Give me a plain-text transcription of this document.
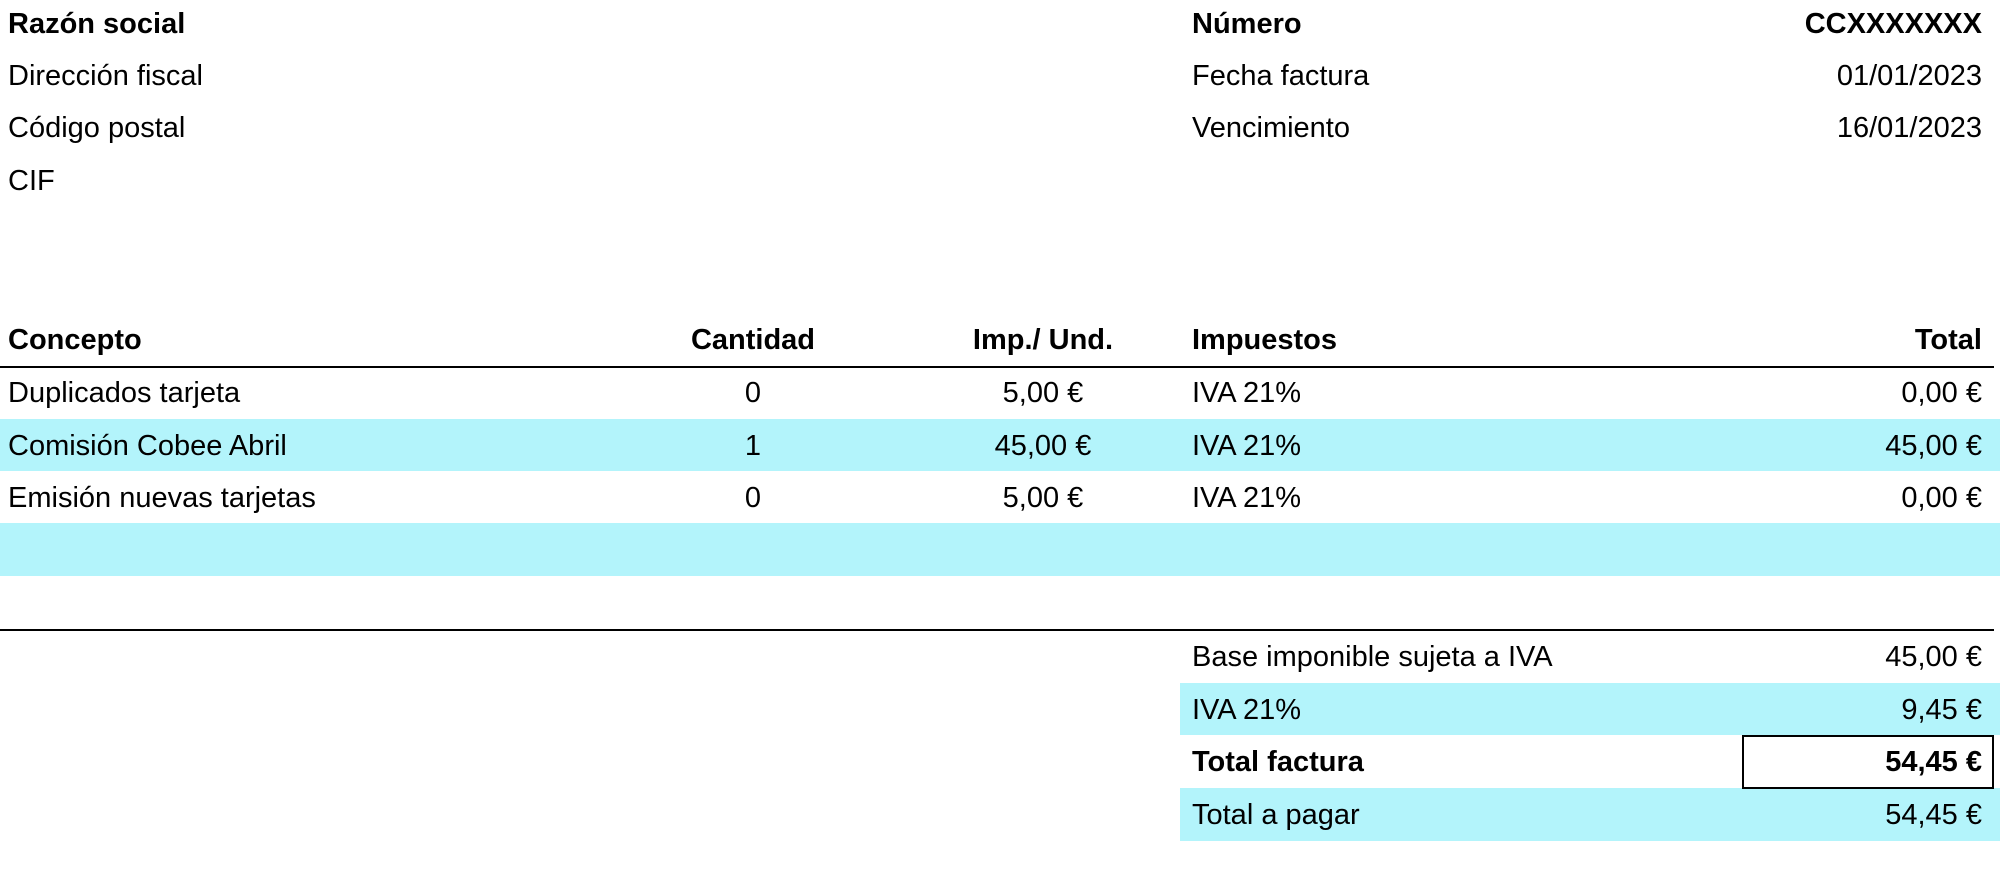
Razón social
Dirección fiscal
Código postal
CIF
Número	CCXXXXXXX
Fecha factura	01/01/2023
Vencimiento	16/01/2023
Concepto	Cantidad	Imp./ Und.	Impuestos	Total
Duplicados tarjeta	0	5,00 €	IVA 21%	0,00 €
Comisión Cobee Abril	1	45,00 €	IVA 21%	45,00 €
Emisión nuevas tarjetas	0	5,00 €	IVA 21%	0,00 €
Base imponible sujeta a IVA	45,00 €
IVA 21%	9,45 €
Total factura	54,45 €
Total a pagar	54,45 €
